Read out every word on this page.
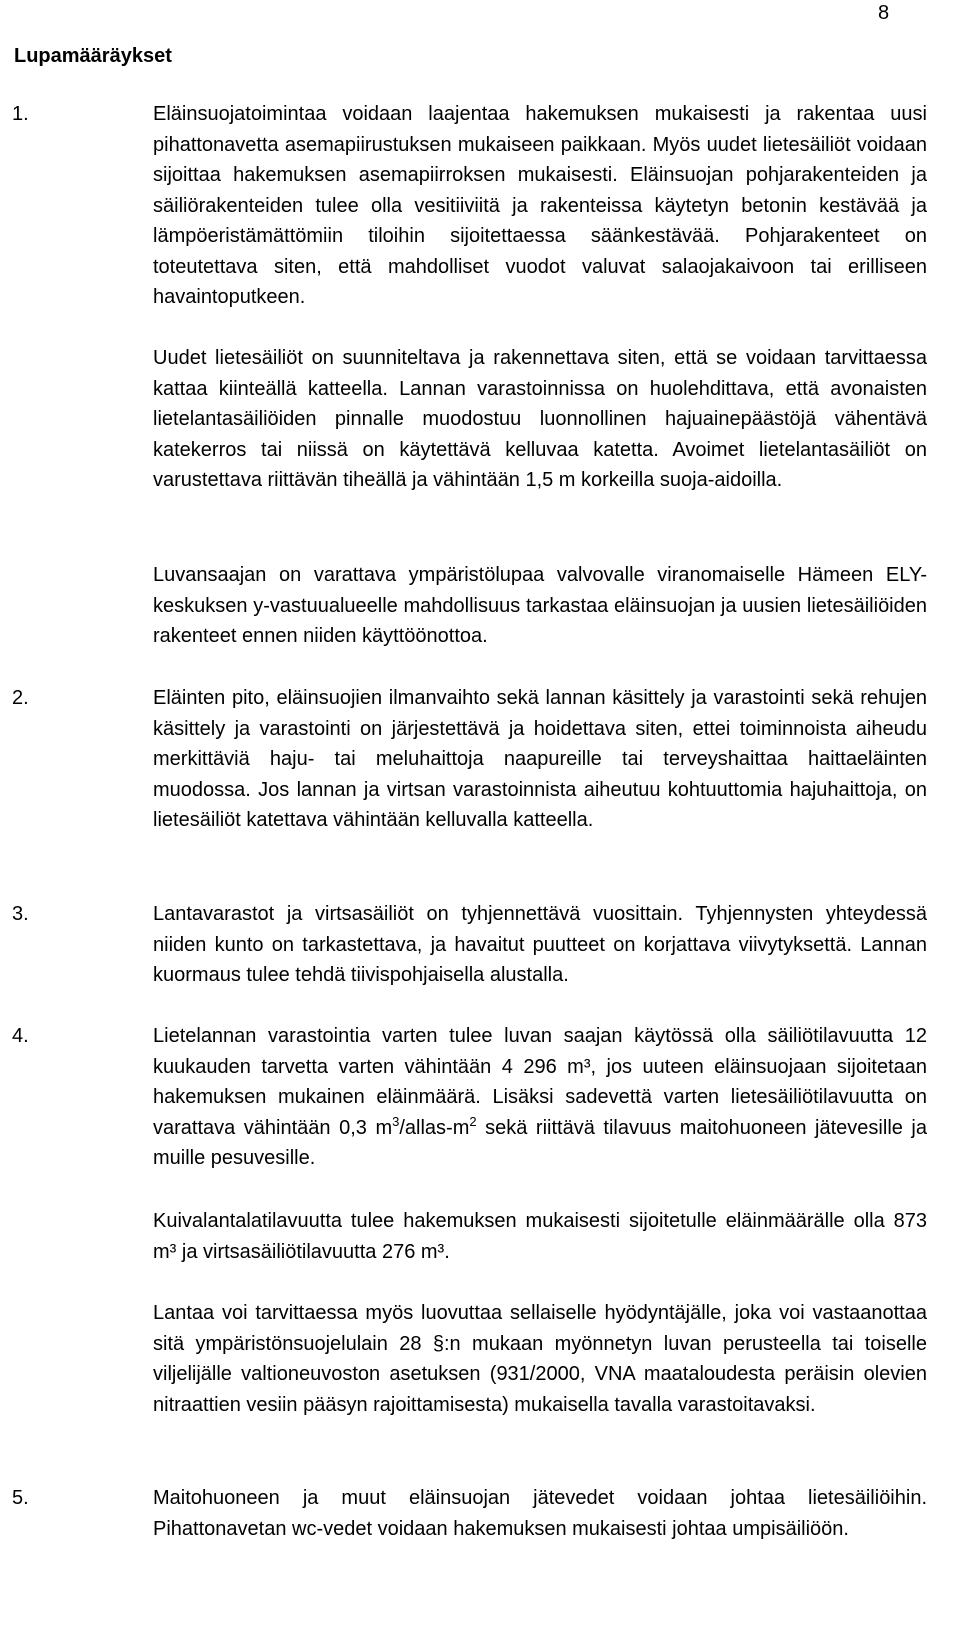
8
Lupamääräykset
1.	Eläinsuojatoimintaa voidaan laajentaa hakemuksen mukaisesti ja rakentaa uusi pihattonavetta asemapiirustuksen mukaiseen paikkaan. Myös uudet lietesäiliöt voidaan sijoittaa hakemuksen asemapiirroksen mukaisesti. Eläinsuojan pohjarakenteiden ja säiliörakenteiden tulee olla vesitiiviitä ja rakenteissa käytetyn betonin kestävää ja lämpöeristämättömiin tiloihin sijoitettaessa säänkestävää. Pohjarakenteet on toteutettava siten, että mahdolliset vuodot valuvat salaojakaivoon tai erilliseen havaintoputkeen.

Uudet lietesäiliöt on suunniteltava ja rakennettava siten, että se voidaan tarvittaessa kattaa kiinteällä katteella. Lannan varastoinnissa on huolehdittava, että avonaisten lietelantasäiliöiden pinnalle muodostuu luonnollinen hajuainepäästöjä vähentävä katekerros tai niissä on käytettävä kelluvaa katetta. Avoimet lietelantasäiliöt on varustettava riittävän tiheällä ja vähintään 1,5 m korkeilla suoja-aidoilla.

Luvansaajan on varattava ympäristölupaa valvovalle viranomaiselle Hämeen ELY-keskuksen y-vastuualueelle mahdollisuus tarkastaa eläinsuojan ja uusien lietesäiliöiden rakenteet ennen niiden käyttöönottoa.

2.	Eläinten pito, eläinsuojien ilmanvaihto sekä lannan käsittely ja varastointi sekä rehujen käsittely ja varastointi on järjestettävä ja hoidettava siten, ettei toiminnoista aiheudu merkittäviä haju- tai meluhaittoja naapureille tai terveyshaittaa haittaeläinten muodossa. Jos lannan ja virtsan varastoinnista aiheutuu kohtuuttomia hajuhaittoja, on lietesäiliöt katettava vähintään kelluvalla katteella.

3.	Lantavarastot ja virtsasäiliöt on tyhjennettävä vuosittain. Tyhjennysten yhteydessä niiden kunto on tarkastettava, ja havaitut puutteet on korjattava viivytyksettä. Lannan kuormaus tulee tehdä tiivispohjaisella alustalla.

4.	Lietelannan varastointia varten tulee luvan saajan käytössä olla säiliötilavuutta 12 kuukauden tarvetta varten vähintään 4 296 m³, jos uuteen eläinsuojaan sijoitetaan hakemuksen mukainen eläinmäärä. Lisäksi sadevettä varten lietesäiliötilavuutta on varattava vähintään 0,3 $m^3/allas-m^2$ sekä riittävä tilavuus maitohuoneen jätevesille ja muille pesuvesille.

Kuivalantalatilavuutta tulee hakemuksen mukaisesti sijoitetulle eläinmäärälle olla 873 m³ ja virtsasäiliötilavuutta 276 m³.

Lantaa voi tarvittaessa myös luovuttaa sellaiselle hyödyntäjälle, joka voi vastaanottaa sitä ympäristönsuojelulain 28 §:n mukaan myönnetyn luvan perusteella tai toiselle viljelijälle valtioneuvoston asetuksen (931/2000, VNA maataloudesta peräisin olevien nitraattien vesiin pääsyn rajoittamisesta) mukaisella tavalla varastoitavaksi.

5.	Maitohuoneen ja muut eläinsuojan jätevedet voidaan johtaa lietesäiliöihin. Pihattonavetan wc-vedet voidaan hakemuksen mukaisesti johtaa umpisäiliöön.
